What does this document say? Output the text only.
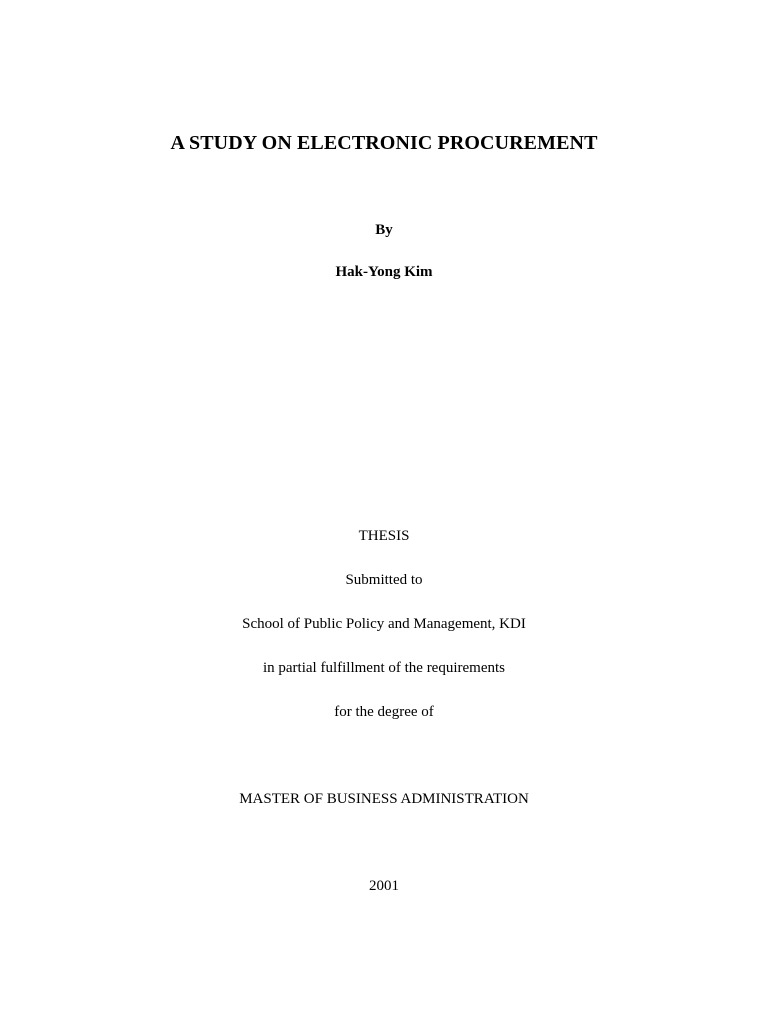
A STUDY ON ELECTRONIC PROCUREMENT
By
Hak-Yong Kim
THESIS
Submitted to
School of Public Policy and Management, KDI
in partial fulfillment of the requirements
for the degree of
MASTER OF BUSINESS ADMINISTRATION
2001
